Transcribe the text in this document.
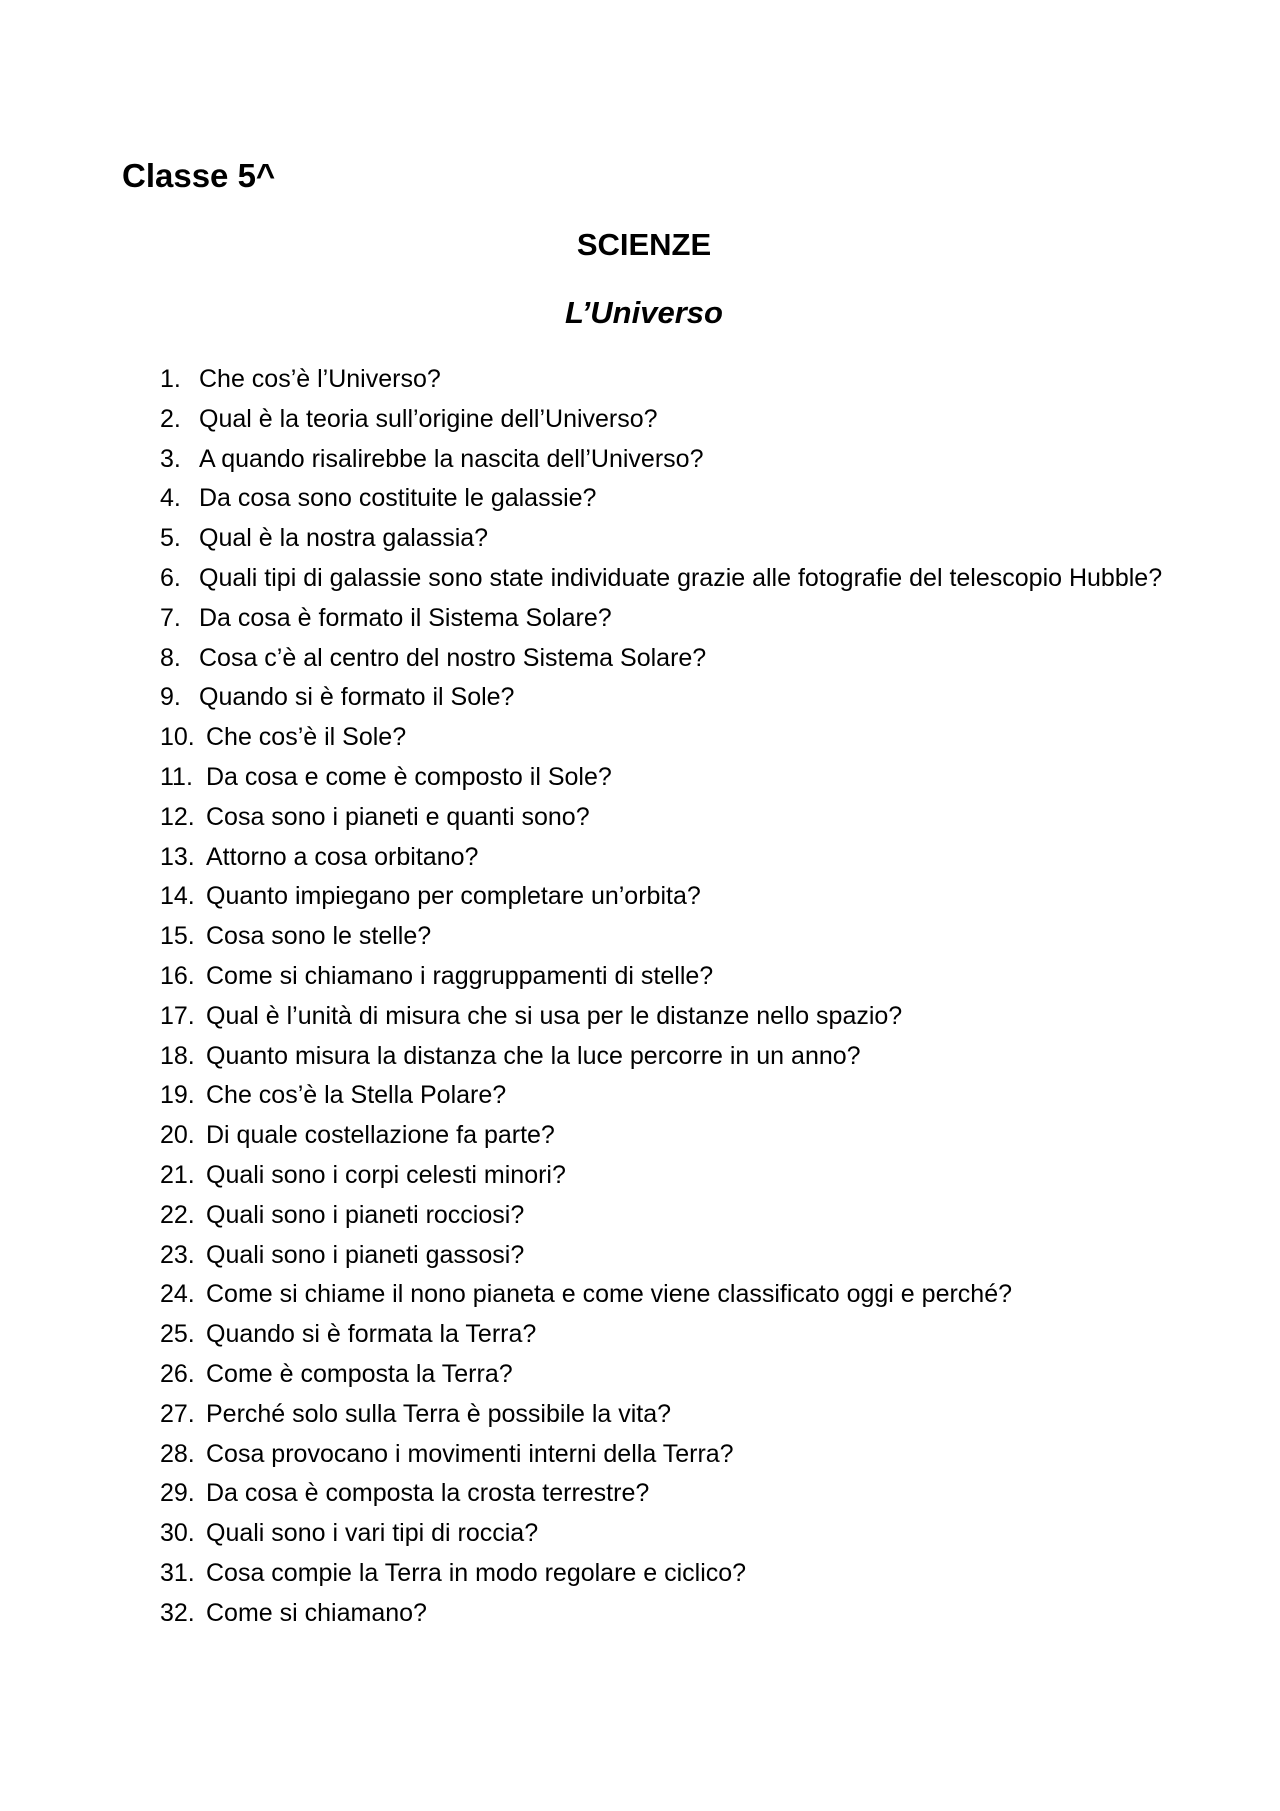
Classe 5^
SCIENZE
L’Universo
1. Che cos’è l’Universo?
2. Qual è la teoria sull’origine dell’Universo?
3. A quando risalirebbe la nascita dell’Universo?
4. Da cosa sono costituite le galassie?
5. Qual è la nostra galassia?
6. Quali tipi di galassie sono state individuate grazie alle fotografie del telescopio Hubble?
7. Da cosa è formato il Sistema Solare?
8. Cosa c’è al centro del nostro Sistema Solare?
9. Quando si è formato il Sole?
10. Che cos’è il Sole?
11. Da cosa e come è composto il Sole?
12. Cosa sono i pianeti e quanti sono?
13. Attorno a cosa orbitano?
14. Quanto impiegano per completare un’orbita?
15. Cosa sono le stelle?
16. Come si chiamano i raggruppamenti di stelle?
17. Qual è l’unità di misura che si usa per le distanze nello spazio?
18. Quanto misura la distanza che la luce percorre in un anno?
19. Che cos’è la Stella Polare?
20. Di quale costellazione fa parte?
21. Quali sono i corpi celesti minori?
22. Quali sono i pianeti rocciosi?
23. Quali sono i pianeti gassosi?
24. Come si chiame il nono pianeta e come viene classificato oggi e perché?
25. Quando si è formata la Terra?
26. Come è composta la Terra?
27. Perché solo sulla Terra è possibile la vita?
28. Cosa provocano i movimenti interni della Terra?
29. Da cosa è composta la crosta terrestre?
30. Quali sono i vari tipi di roccia?
31. Cosa compie la Terra in modo regolare e ciclico?
32. Come si chiamano?
